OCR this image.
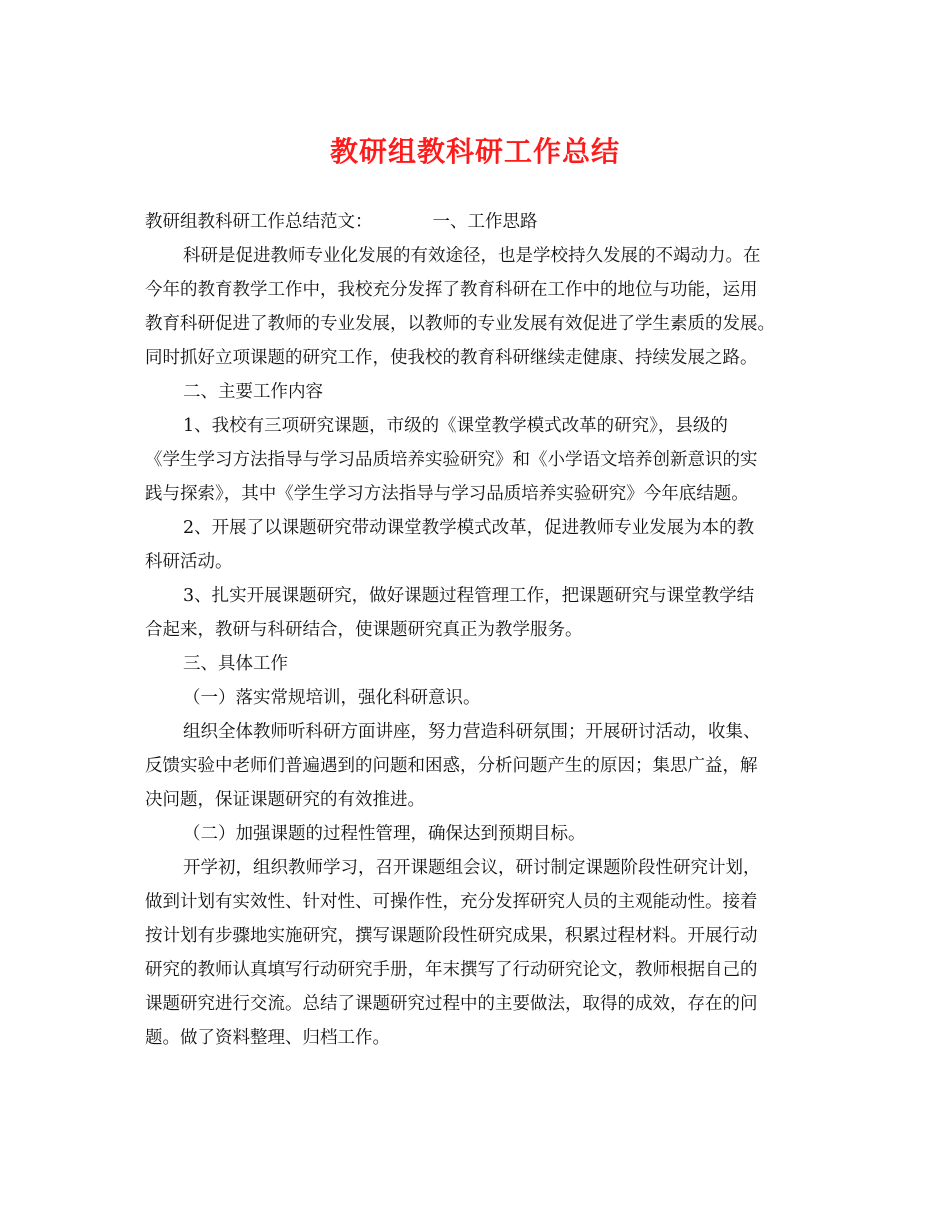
教研组教科研工作总结
教研组教科研工作总结范文：	一、工作思路
科研是促进教师专业化发展的有效途径，也是学校持久发展的不竭动力。在
今年的教育教学工作中，我校充分发挥了教育科研在工作中的地位与功能，运用
教育科研促进了教师的专业发展，以教师的专业发展有效促进了学生素质的发展。
同时抓好立项课题的研究工作，使我校的教育科研继续走健康、持续发展之路。
二、主要工作内容
1、我校有三项研究课题，市级的《课堂教学模式改革的研究》，县级的
《学生学习方法指导与学习品质培养实验研究》和《小学语文培养创新意识的实
践与探索》，其中《学生学习方法指导与学习品质培养实验研究》今年底结题。
2、开展了以课题研究带动课堂教学模式改革，促进教师专业发展为本的教
科研活动。
3、扎实开展课题研究，做好课题过程管理工作，把课题研究与课堂教学结
合起来，教研与科研结合，使课题研究真正为教学服务。
三、具体工作
（一）落实常规培训，强化科研意识。
组织全体教师听科研方面讲座，努力营造科研氛围；开展研讨活动，收集、
反馈实验中老师们普遍遇到的问题和困惑，分析问题产生的原因；集思广益，解
决问题，保证课题研究的有效推进。
（二）加强课题的过程性管理，确保达到预期目标。
开学初，组织教师学习，召开课题组会议，研讨制定课题阶段性研究计划，
做到计划有实效性、针对性、可操作性，充分发挥研究人员的主观能动性。接着
按计划有步骤地实施研究，撰写课题阶段性研究成果，积累过程材料。开展行动
研究的教师认真填写行动研究手册，年末撰写了行动研究论文，教师根据自己的
课题研究进行交流。总结了课题研究过程中的主要做法，取得的成效，存在的问
题。做了资料整理、归档工作。
